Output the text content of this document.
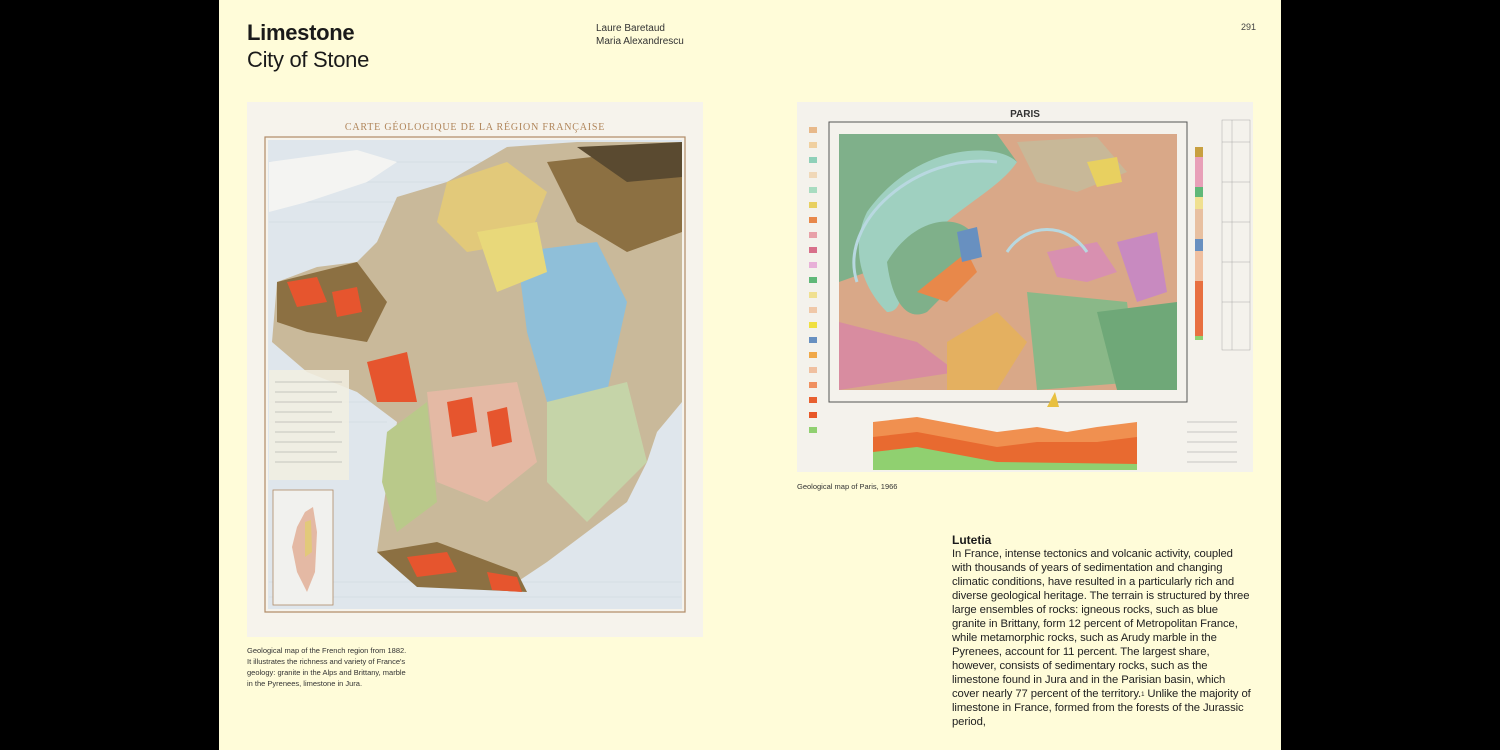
Limestone
City of Stone
Laure Baretaud
Maria Alexandrescu
291
CARTE GÉOLOGIQUE DE LA RÉGION FRANÇAISE
Geological map of the French region from 1882. It illustrates the richness and variety of France's geology: granite in the Alps and Brittany, marble in the Pyrenees, limestone in Jura.
PARIS
Geological map of Paris, 1966
Lutetia
In France, intense tectonics and volcanic activity, coupled with thousands of years of sedimentation and changing climatic conditions, have resulted in a particularly rich and diverse geological heritage. The terrain is structured by three large ensembles of rocks: igneous rocks, such as blue granite in Brittany, form 12 percent of Metropolitan France, while metamorphic rocks, such as Arudy marble in the Pyrenees, account for 11 percent. The largest share, however, consists of sedimentary rocks, such as the limestone found in Jura and in the Parisian basin, which cover nearly 77 percent of the territory.$^1$ Unlike the majority of limestone in France, formed from the forests of the Jurassic period,
